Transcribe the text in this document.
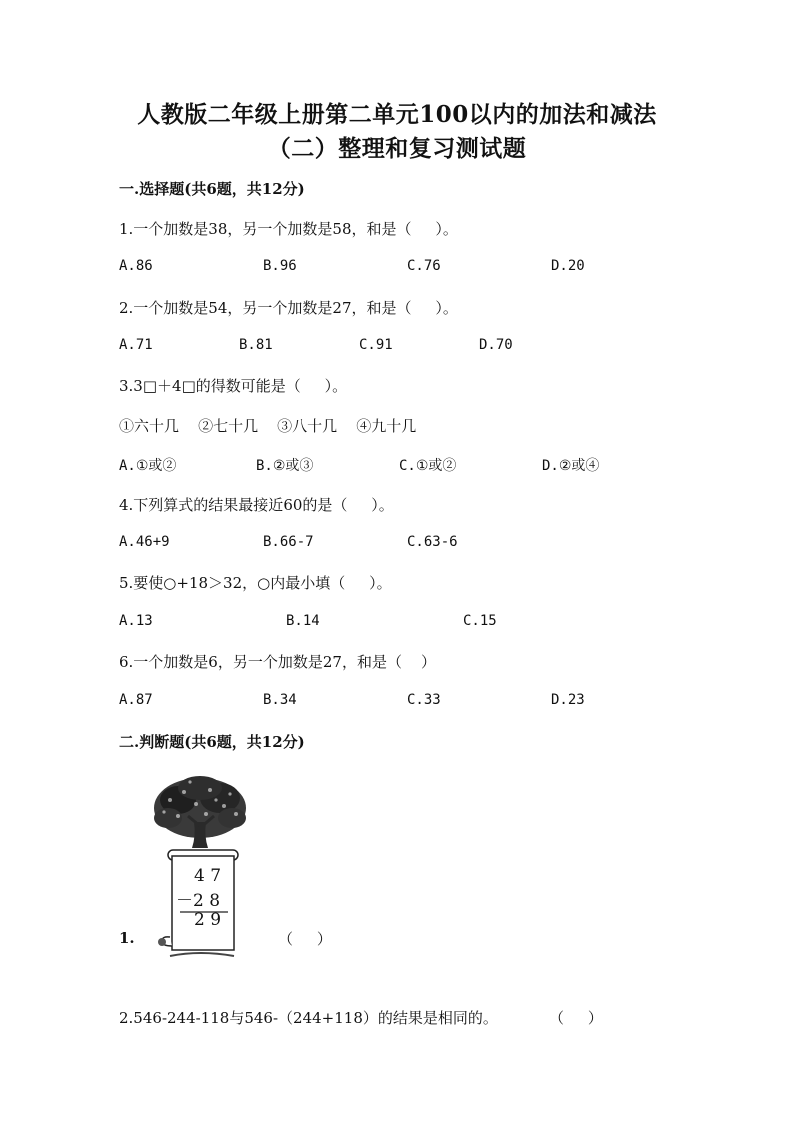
人教版二年级上册第二单元100以内的加法和减法
（二）整理和复习测试题
一.选择题(共6题，共12分)
1.一个加数是38，另一个加数是58，和是（     ）。
A.86	B.96	C.76	D.20
2.一个加数是54，另一个加数是27，和是（     ）。
A.71	B.81	C.91	D.70
3.3□＋4□的得数可能是（     ）。
①六十几    ②七十几    ③八十几    ④九十几
A.①或②	B.②或③	C.①或②	D.②或④
4.下列算式的结果最接近60的是（     ）。
A.46+9	B.66-7	C.63-6
5.要使○+18＞32，○内最小填（     ）。
A.13	B.14	C.15
6.一个加数是6，另一个加数是27，和是（    ）
A.87	B.34	C.33	D.23
二.判断题(共6题，共12分)
4 7
－2 8
2 9
1.	（     ）
2.546-244-118与546-（244+118）的结果是相同的。	（     ）
